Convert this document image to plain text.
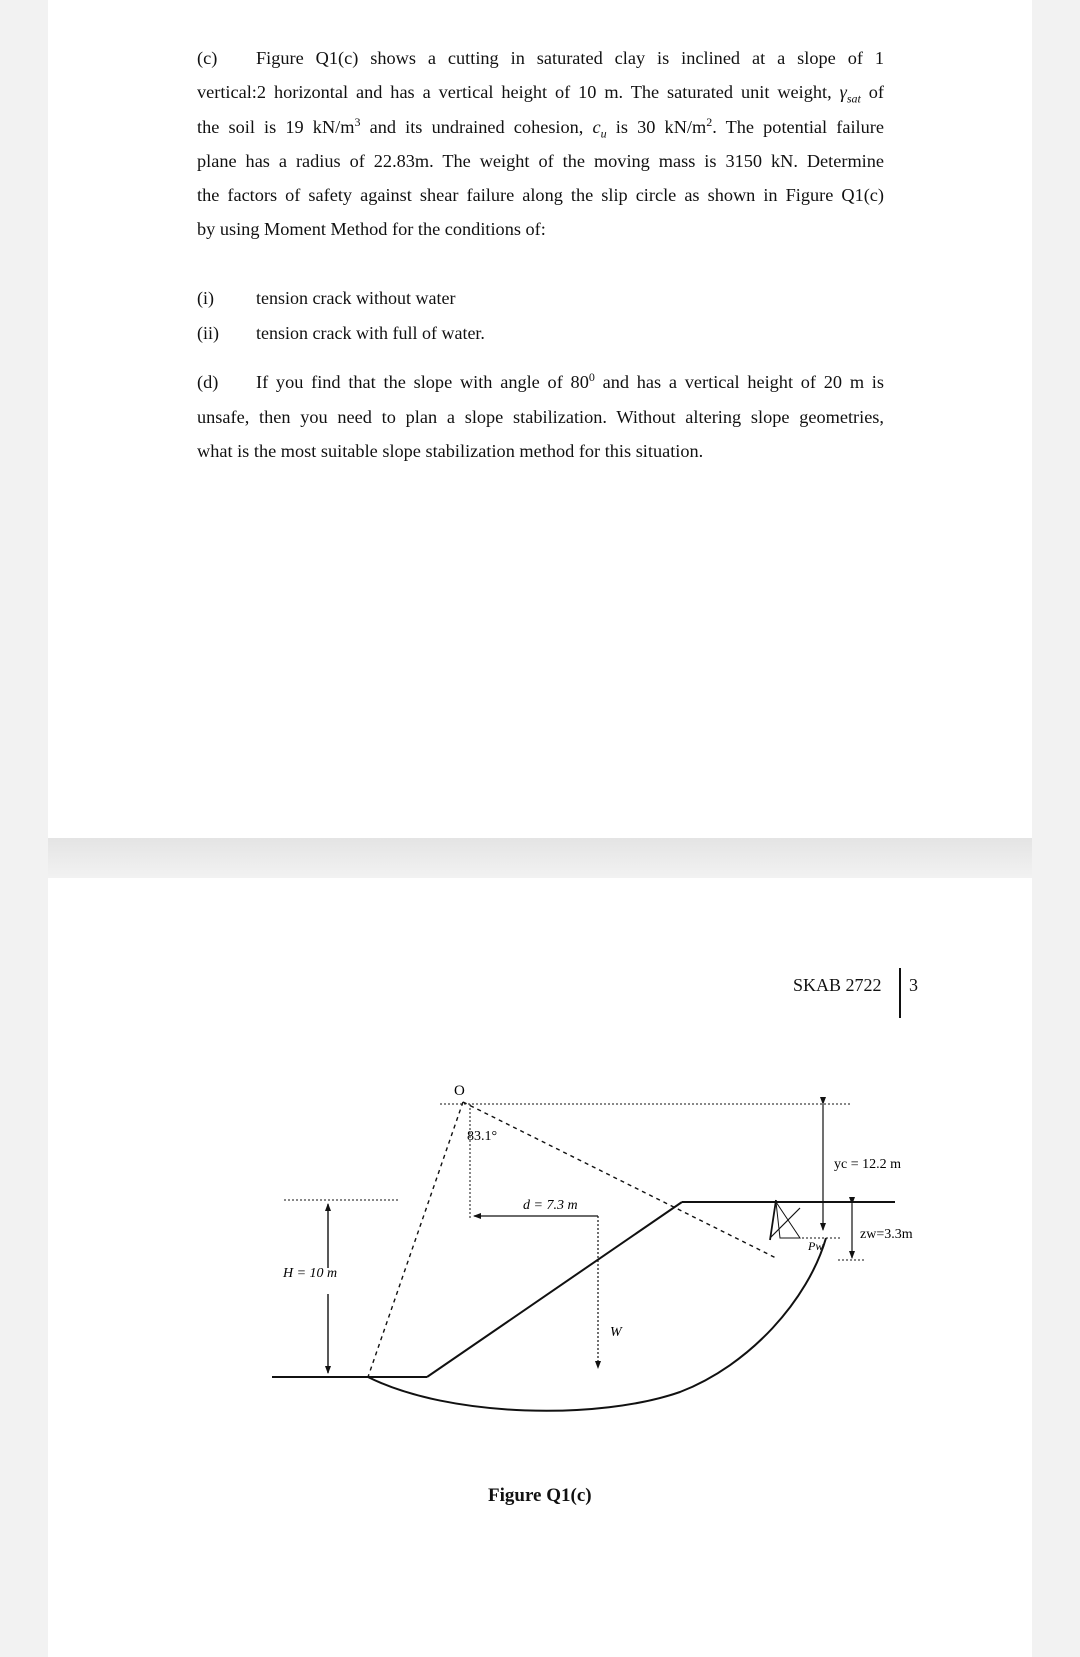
(c) Figure Q1(c) shows a cutting in saturated clay is inclined at a slope of 1
vertical:2 horizontal and has a vertical height of 10 m. The saturated unit weight, $\gamma_{sat}$ of
the soil is 19 $kN/m^3$ and its undrained cohesion, $c_u$ is 30 $kN/m^2$. The potential failure
plane has a radius of 22.83m. The weight of the moving mass is 3150 kN. Determine
the factors of safety against shear failure along the slip circle as shown in Figure Q1(c)
by using Moment Method for the conditions of:
(i) tension crack without water
(ii) tension crack with full of water.
(d) If you find that the slope with angle of $80^0$ and has a vertical height of 20 m is
unsafe, then you need to plan a slope stabilization. Without altering slope geometries,
what is the most suitable slope stabilization method for this situation.
SKAB 2722 3
O
83.1°
d = 7.3 m
H = 10 m
W
yc = 12.2 m
zw=3.3m
Pw
Figure Q1(c)
